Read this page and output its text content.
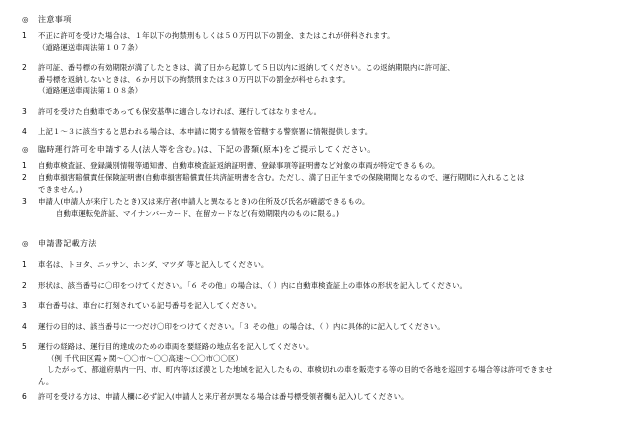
◎	注意事項
1	不正に許可を受けた場合は、１年以下の拘禁刑もしくは５０万円以下の罰金、またはこれが併科されます。
（道路運送車両法第１０７条）
2	許可証、番号標の有効期限が満了したときは、満了日から起算して５日以内に返納してください。この返納期限内に許可証、
番号標を返納しないときは、６か月以下の拘禁刑または３０万円以下の罰金が科せられます。
（道路運送車両法第１０８条）
3	許可を受けた自動車であっても保安基準に適合しなければ、運行してはなりません。
4	上記１～３に該当すると思われる場合は、本申請に関する情報を管轄する警察署に情報提供します。
◎	臨時運行許可を申請する人(法人等を含む。)は、下記の書類(原本)をご提示してください。
1	自動車検査証、登録識別情報等通知書、自動車検査証返納証明書、登録事項等証明書など対象の車両が特定できるもの。
2	自動車損害賠償責任保険証明書(自動車損害賠償責任共済証明書を含む。ただし、満了日正午までの保険期間となるので、運行期間に入れることは
できません。)
3	申請人(申請人が来庁したとき)又は来庁者(申請人と異なるとき)の住所及び氏名が確認できるもの。
自動車運転免許証、マイナンバーカード、在留カードなど(有効期限内のものに限る。)
◎	申請書記載方法
1	車名は、トヨタ、ニッサン、ホンダ、マツダ 等と記入してください。
2	形状は、該当番号に〇印をつけてください。「６ その他」の場合は、（ ）内に自動車検査証上の車体の形状を記入してください。
3	車台番号は、車台に打刻されている記号番号を記入してください。
4	運行の目的は、該当番号に一つだけ〇印をつけてください。「３ その他」の場合は、（ ）内に具体的に記入してください。
5	運行の経路は、運行目的達成のための車両を要経路の地点名を記入してください。
（例 千代田区霞ヶ関～〇〇市～〇〇高速～〇〇市〇〇区）
したがって、都道府県内一円、市、町内等ほぼ漠とした地域を記入したもの、車検切れの車を販売する等の目的で各地を巡回する場合等は許可できませ
ん。
6	許可を受ける方は、申請人欄に必ず記入(申請人と来庁者が異なる場合は番号標受領者欄も記入)してください。
